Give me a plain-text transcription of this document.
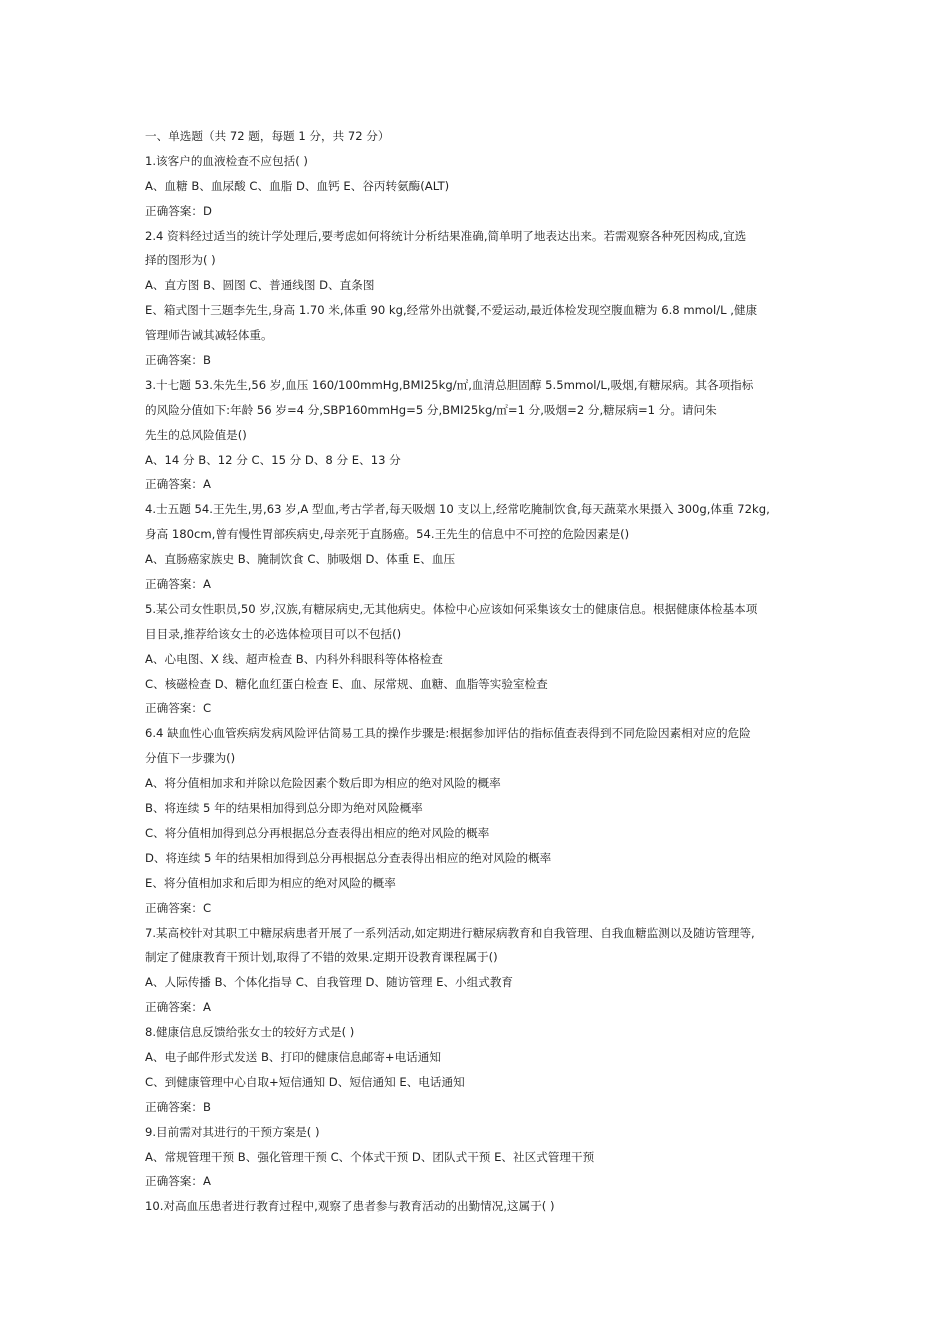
一、单选题（共 72 题，每题 1 分，共 72 分）
1.该客户的血液检查不应包括( )
A、血糖 B、血尿酸 C、血脂 D、血钙 E、谷丙转氨酶(ALT)
正确答案：D
2.4 资料经过适当的统计学处理后,要考虑如何将统计分析结果准确,简单明了地表达出来。若需观察各种死因构成,宜选
择的图形为( )
A、直方图 B、圆图 C、普通线图 D、直条图
E、箱式图十三题李先生,身高 1.70 米,体重 90 kg,经常外出就餐,不爱运动,最近体检发现空腹血糖为 6.8 mmol/L ,健康
管理师告诫其减轻体重。
正确答案：B
3.十七题 53.朱先生,56 岁,血压 160/100mmHg,BMI25kg/㎡,血清总胆固醇 5.5mmol/L,吸烟,有糖尿病。其各项指标
的风险分值如下:年龄 56 岁=4 分,SBP160mmHg=5 分,BMI25kg/㎡=1 分,吸烟=2 分,糖尿病=1 分。请问朱
先生的总风险值是()
A、14 分 B、12 分 C、15 分 D、8 分 E、13 分
正确答案：A
4.士五题 54.王先生,男,63 岁,A 型血,考古学者,每天吸烟 10 支以上,经常吃腌制饮食,每天蔬菜水果摄入 300g,体重 72kg,
身高 180cm,曾有慢性胃部疾病史,母亲死于直肠癌。54.王先生的信息中不可控的危险因素是()
A、直肠癌家族史 B、腌制饮食 C、肺吸烟 D、体重 E、血压
正确答案：A
5.某公司女性职员,50 岁,汉族,有糖尿病史,无其他病史。体检中心应该如何采集该女士的健康信息。根据健康体检基本项
目目录,推荐给该女士的必选体检项目可以不包括()
A、心电图、X 线、超声检查 B、内科外科眼科等体格检查
C、核磁检查 D、糖化血红蛋白检查 E、血、尿常规、血糖、血脂等实验室检查
正确答案：C
6.4 缺血性心血管疾病发病风险评估简易工具的操作步骤是:根据参加评估的指标值查表得到不同危险因素相对应的危险
分值下一步骤为()
A、将分值相加求和并除以危险因素个数后即为相应的绝对风险的概率
B、将连续 5 年的结果相加得到总分即为绝对风险概率
C、将分值相加得到总分再根据总分查表得出相应的绝对风险的概率
D、将连续 5 年的结果相加得到总分再根据总分查表得出相应的绝对风险的概率
E、将分值相加求和后即为相应的绝对风险的概率
正确答案：C
7.某高校针对其职工中糖尿病患者开展了一系列活动,如定期进行糖尿病教育和自我管理、自我血糖监测以及随访管理等,
制定了健康教育干预计划,取得了不错的效果.定期开设教育课程属于()
A、人际传播 B、个体化指导 C、自我管理 D、随访管理 E、小组式教育
正确答案：A
8.健康信息反馈给张女士的较好方式是( )
A、电子邮件形式发送 B、打印的健康信息邮寄+电话通知
C、到健康管理中心自取+短信通知 D、短信通知 E、电话通知
正确答案：B
9.目前需对其进行的干预方案是( )
A、常规管理干预 B、强化管理干预 C、个体式干预 D、团队式干预 E、社区式管理干预
正确答案：A
10.对高血压患者进行教育过程中,观察了患者参与教育活动的出勤情况,这属于( )
